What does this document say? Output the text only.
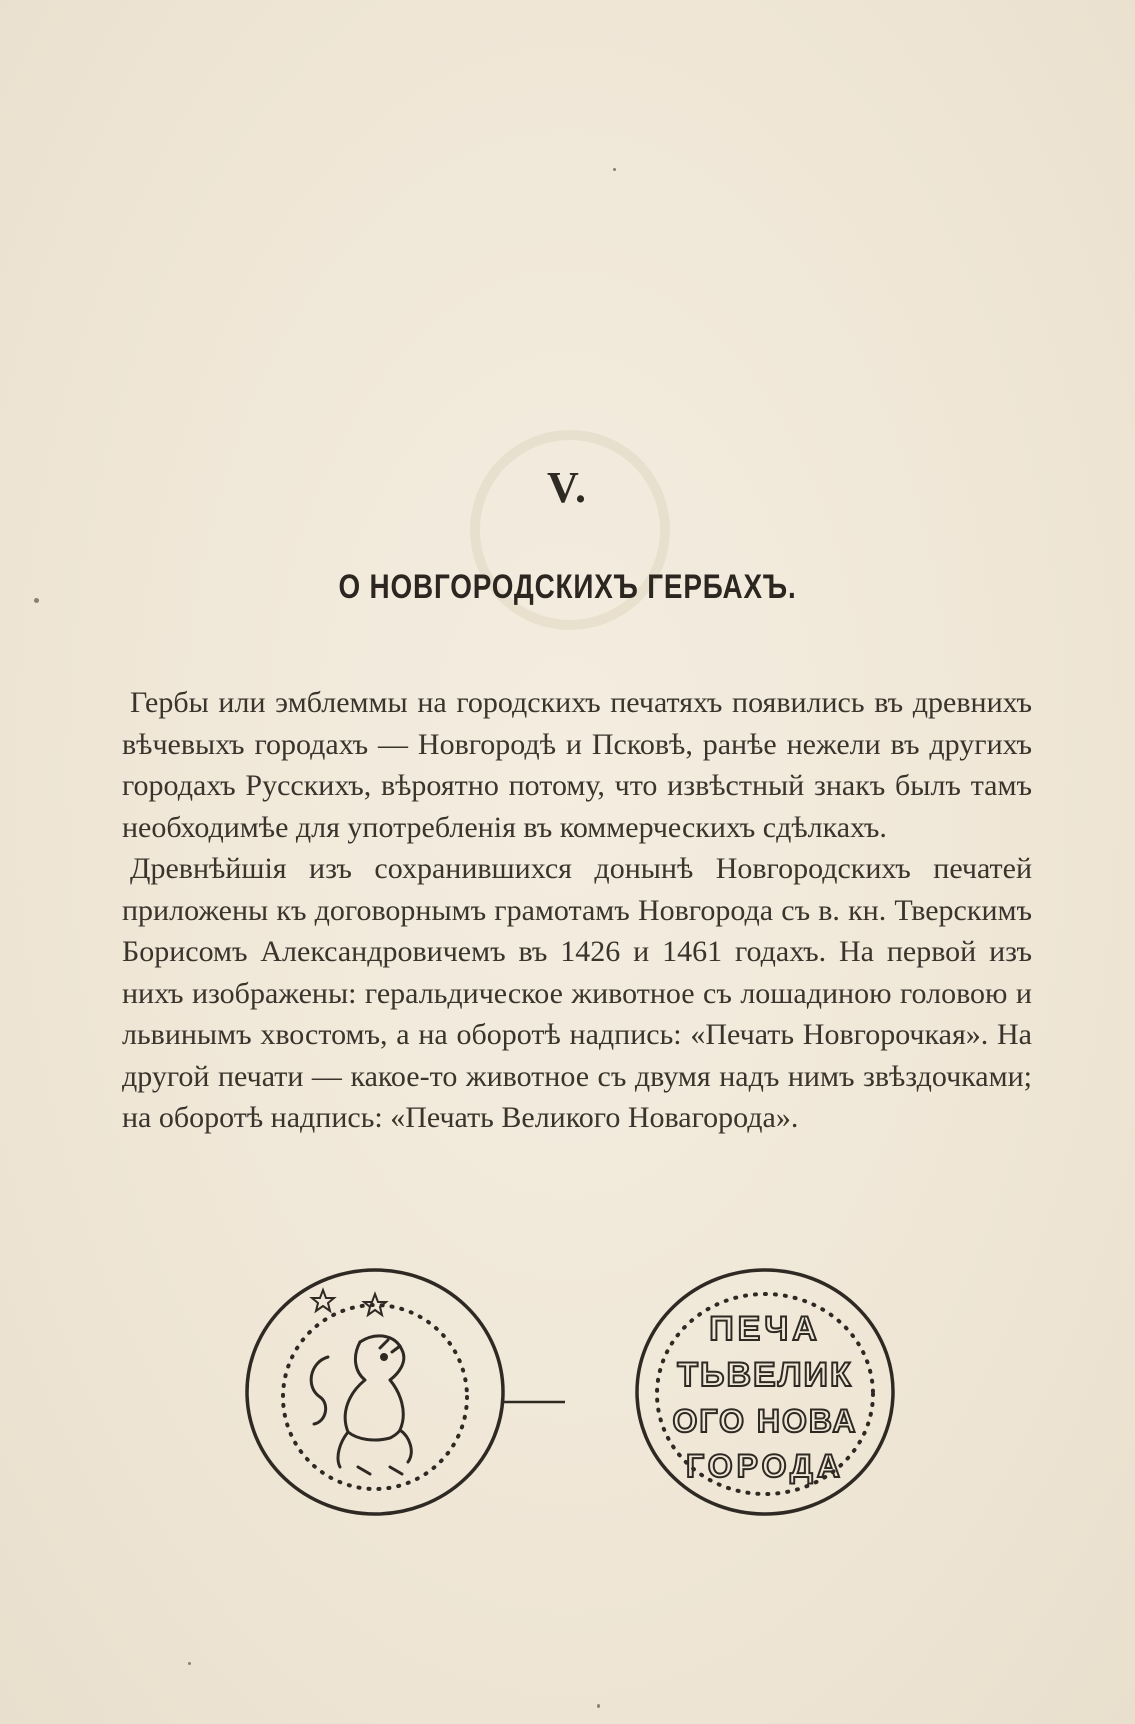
V.
О НОВГОРОДСКИХЪ ГЕРБАХЪ.

Гербы или эмблеммы на городскихъ печатяхъ появились въ древнихъ вѣчевыхъ городахъ — Новгородѣ и Псковѣ, ранѣе нежели въ другихъ городахъ Русскихъ, вѣроятно потому, что извѣстный знакъ былъ тамъ необходимѣе для употребленія въ коммерческихъ сдѣлкахъ.

Древнѣйшія изъ сохранившихся донынѣ Новгородскихъ печатей приложены къ договорнымъ грамотамъ Новгорода съ в. кн. Тверскимъ Борисомъ Александровичемъ въ 1426 и 1461 годахъ. На первой изъ нихъ изображены: геральдическое животное съ лошадиною головою и львинымъ хвостомъ, а на оборотѣ надпись: «Печать Новгорочкая». На другой печати — какое-то животное съ двумя надъ нимъ звѣздочками; на оборотѣ надпись: «Печать Великого Новагорода».

ПЕЧА
ТЬВЕЛИК
ОГО НОВА
ГОРОДА
